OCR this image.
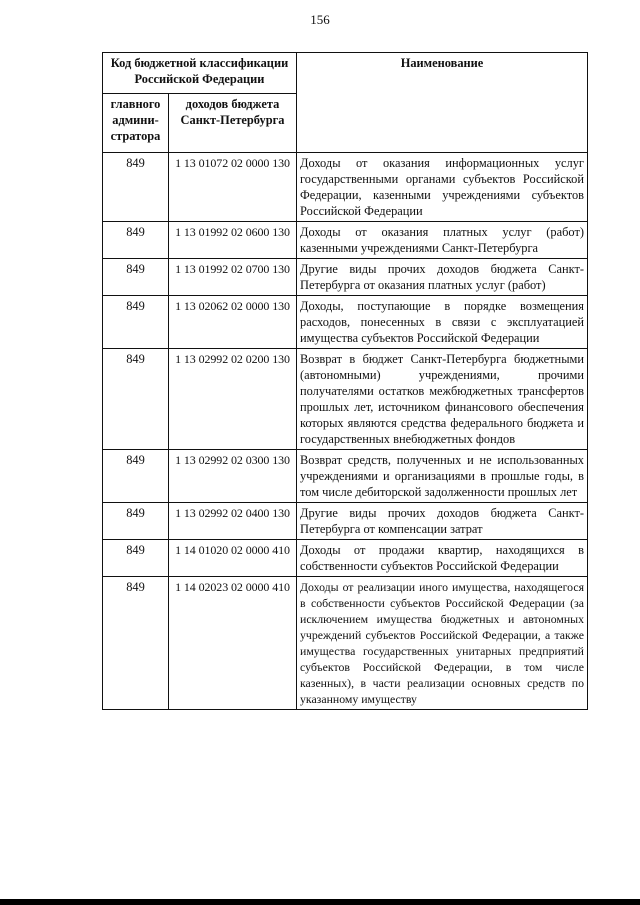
156
Код бюджетной классификации Российской Федерации		Наименование
главного админи-стратора	доходов бюджета Санкт-Петербурга	
849	1 13 01072 02 0000 130	Доходы от оказания информационных услуг государственными органами субъектов Российской Федерации, казенными учреждениями субъектов Российской Федерации
849	1 13 01992 02 0600 130	Доходы от оказания платных услуг (работ) казенными учреждениями Санкт-Петербурга
849	1 13 01992 02 0700 130	Другие виды прочих доходов бюджета Санкт-Петербурга от оказания платных услуг (работ)
849	1 13 02062 02 0000 130	Доходы, поступающие в порядке возмещения расходов, понесенных в связи с эксплуатацией имущества субъектов Российской Федерации
849	1 13 02992 02 0200 130	Возврат в бюджет Санкт-Петербурга бюджетными (автономными) учреждениями, прочими получателями остатков межбюджетных трансфертов прошлых лет, источником финансового обеспечения которых являются средства федерального бюджета и государственных внебюджетных фондов
849	1 13 02992 02 0300 130	Возврат средств, полученных и не использованных учреждениями и организациями в прошлые годы, в том числе дебиторской задолженности прошлых лет
849	1 13 02992 02 0400 130	Другие виды прочих доходов бюджета Санкт-Петербурга от компенсации затрат
849	1 14 01020 02 0000 410	Доходы от продажи квартир, находящихся в собственности субъектов Российской Федерации
849	1 14 02023 02 0000 410	Доходы от реализации иного имущества, находящегося в собственности субъектов Российской Федерации (за исключением имущества бюджетных и автономных учреждений субъектов Российской Федерации, а также имущества государственных унитарных предприятий субъектов Российской Федерации, в том числе казенных), в части реализации основных средств по указанному имуществу
